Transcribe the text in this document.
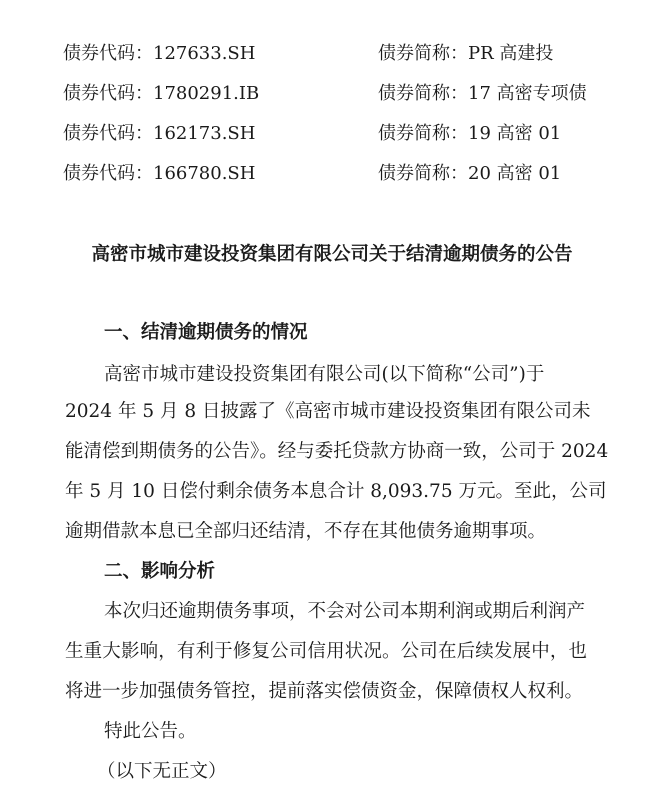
债券代码：127633.SH	债券简称：PR 高建投
债券代码：1780291.IB	债券简称：17 高密专项债
债券代码：162173.SH	债券简称：19 高密 01
债券代码：166780.SH	债券简称：20 高密 01
高密市城市建设投资集团有限公司关于结清逾期债务的公告
一、结清逾期债务的情况
高密市城市建设投资集团有限公司(以下简称“公司”)于
2024 年 5 月 8 日披露了《高密市城市建设投资集团有限公司未
能清偿到期债务的公告》。经与委托贷款方协商一致，公司于 2024
年 5 月 10 日偿付剩余债务本息合计 8,093.75 万元。至此，公司
逾期借款本息已全部归还结清，不存在其他债务逾期事项。
二、影响分析
本次归还逾期债务事项，不会对公司本期利润或期后利润产
生重大影响，有利于修复公司信用状况。公司在后续发展中，也
将进一步加强债务管控，提前落实偿债资金，保障债权人权利。
特此公告。
（以下无正文）
